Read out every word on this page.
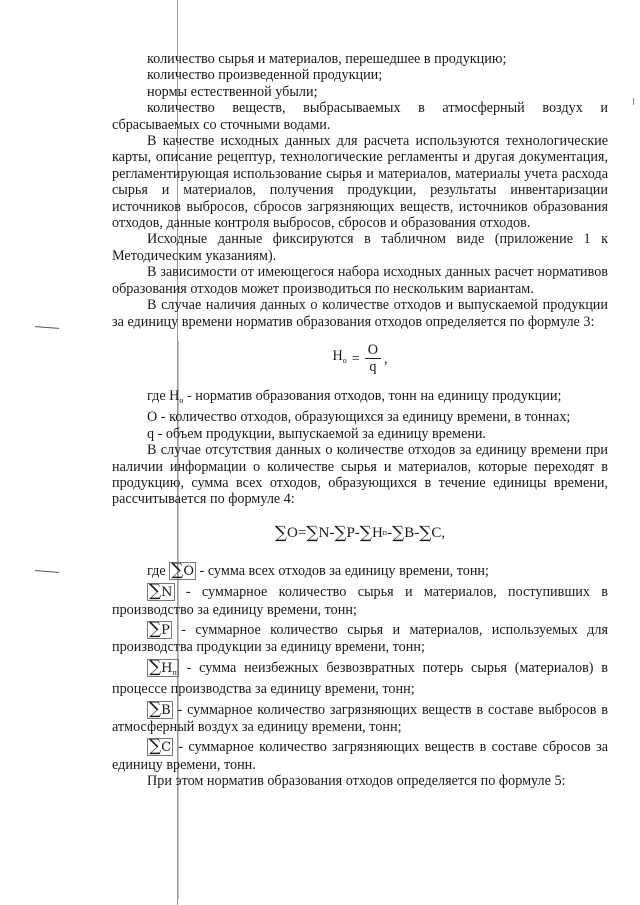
количество сырья и материалов, перешедшее в продукцию;

количество произведенной продукции;

нормы естественной убыли;

количество веществ, выбрасываемых в атмосферный воздух и сбрасываемых со сточными водами.

В качестве исходных данных для расчета используются технологические карты, описание рецептур, технологические регламенты и другая документация, регламентирующая использование сырья и материалов, материалы учета расхода сырья и материалов, получения продукции, результаты инвентаризации источников выбросов, сбросов загрязняющих веществ, источников образования отходов, данные контроля выбросов, сбросов и образования отходов.

Исходные данные фиксируются в табличном виде (приложение 1 к Методическим указаниям).

В зависимости от имеющегося набора исходных данных расчет нормативов образования отходов может производиться по нескольким вариантам.

В случае наличия данных о количестве отходов и выпускаемой продукции за единицу времени норматив образования отходов определяется по формуле 3:

$Н_о = \frac{О}{q}$ ,

где $Н_о$ - норматив образования отходов, тонн на единицу продукции;

О - количество отходов, образующихся за единицу времени, в тоннах;

q - объем продукции, выпускаемой за единицу времени.

В случае отсутствия данных о количестве отходов за единицу времени при наличии информации о количестве сырья и материалов, которые переходят в продукцию, сумма всех отходов, образующихся в течение единицы времени, рассчитывается по формуле 4:

∑ О = ∑ N - ∑ Р - ∑ Н п - ∑ В - ∑ С ,

где ∑О - сумма всех отходов за единицу времени, тонн;

∑N - суммарное количество сырья и материалов, поступивших в производство за единицу времени, тонн;

∑Р - суммарное количество сырья и материалов, используемых для производства продукции за единицу времени, тонн;

$\sum Н_п$ - сумма неизбежных безвозвратных потерь сырья (материалов) в процессе производства за единицу времени, тонн;

∑В - суммарное количество загрязняющих веществ в составе выбросов в атмосферный воздух за единицу времени, тонн;

∑С - суммарное количество загрязняющих веществ в составе сбросов за единицу времени, тонн.

При этом норматив образования отходов определяется по формуле 5:
